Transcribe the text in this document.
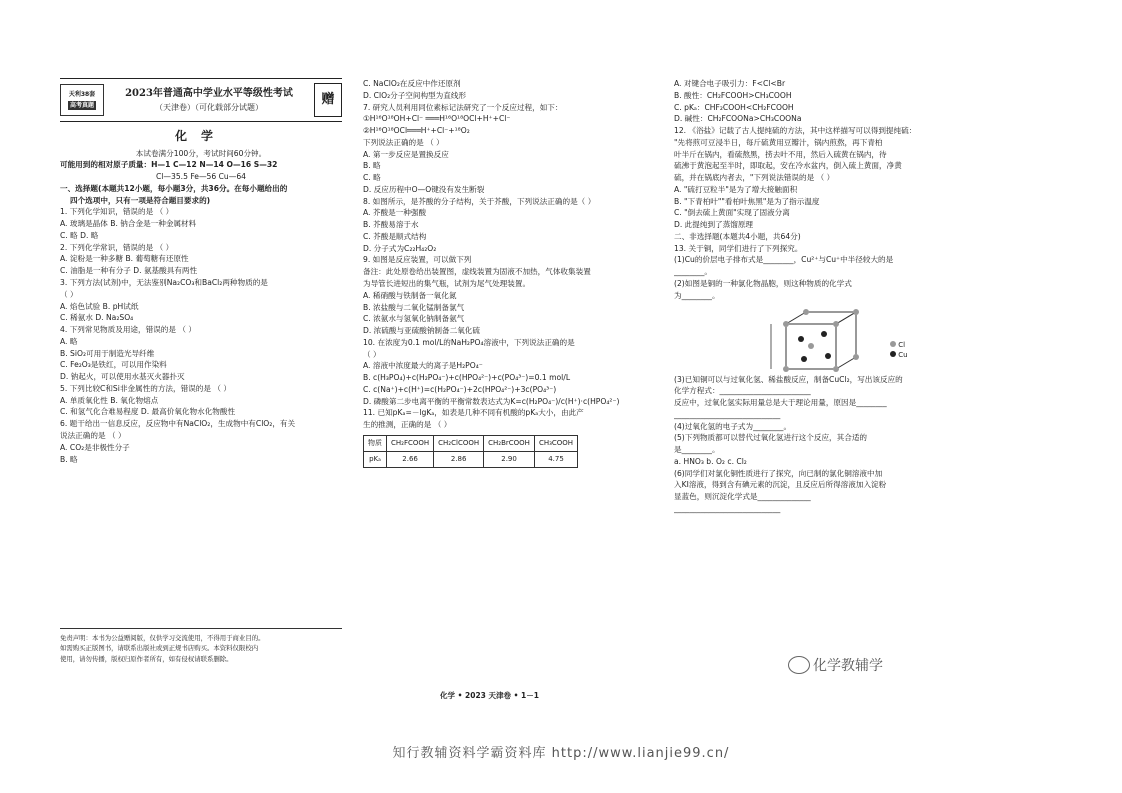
天利38套
高考真题
2023年普通高中学业水平等级性考试
（天津卷）（可化载部分试题）
赠
化学
本试卷满分100分，考试时间60分钟。
可能用到的相对原子质量：H—1 C—12 N—14 O—16 S—32
Cl—35.5 Fe—56 Cu—64
一、选择题(本题共12小题，每小题3分，共36分。在每小题给出的
四个选项中，只有一项是符合题目要求的)
1. 下列化学知识，错误的是 （ ）
A. 玻璃是晶体 B. 钠合金是一种金属材料
C. 略 D. 略
2. 下列化学常识，错误的是 （ ）
A. 淀粉是一种多糖 B. 葡萄糖有还原性
C. 油脂是一种有分子 D. 氨基酸具有两性
3. 下列方法(试剂)中，无法鉴别Na₂CO₃和BaCl₂两种物质的是
（ ）
A. 焰色试验 B. pH试纸
C. 稀氨水 D. Na₂SO₄
4. 下列常见物质及用途，错误的是 （ ）
A. 略
B. SiO₂可用于制造光导纤维
C. Fe₂O₃是铁红，可以用作染料
D. 钠起火，可以使用水基灭火器扑灭
5. 下列比较C和Si非金属性的方法，错误的是 （ ）
A. 单质氧化性 B. 氧化物熔点
C. 和氢气化合难易程度 D. 最高价氧化物水化物酸性
6. 题干给出一信息反应，反应物中有NaClO₂，生成物中有ClO₂，有关
说法正确的是 （ ）
A. CO₂是非极性分子
B. 略
免责声明：本书为公益赠阅版，仅供学习交流使用，不得用于商业目的。
如需购买正版图书，请联系出版社或到正规书店购买。本资料仅限校内
使用，请勿传播，版权归原作者所有，如有侵权请联系删除。
C. NaClO₂在反应中作还原剂
D. ClO₂分子空间构型为直线形
7. 研究人员利用同位素标记法研究了一个反应过程，如下：
①H¹⁶O¹⁸OH+Cl⁻ ═══H¹⁶O¹⁸OCl+H⁺+Cl⁻
②H¹⁶O¹⁸OCl═══H⁺+Cl⁻+¹⁸O₂
下列说法正确的是 （ ）
A. 第一步反应是置换反应
B. 略
C. 略
D. 反应历程中O—O键没有发生断裂
8. 如图所示，是芥酸的分子结构，关于芥酸，下列说法正确的是（ ）
A. 芥酸是一种强酸
B. 芥酸易溶于水
C. 芥酸是顺式结构
D. 分子式为C₂₂H₄₂O₂
9. 如图是反应装置，可以做下列
备注：此处原卷给出装置图，虚线装置为固液不加热，气体收集装置
为导管长进短出的集气瓶，试剂为尾气处理装置。
A. 稀硝酸与铁制备一氧化氮
B. 浓盐酸与二氧化锰制备氯气
C. 浓氨水与氢氧化钠制备氨气
D. 浓硫酸与亚硫酸钠制备二氧化硫
10. 在浓度为0.1 mol/L的NaH₂PO₄溶液中，下列说法正确的是
（ ）
A. 溶液中浓度最大的离子是H₂PO₄⁻
B. c(H₃PO₄)+c(H₂PO₄⁻)+c(HPO₄²⁻)+c(PO₄³⁻)=0.1 mol/L
C. c(Na⁺)+c(H⁺)=c(H₂PO₄⁻)+2c(HPO₄²⁻)+3c(PO₄³⁻)
D. 磷酸第二步电离平衡的平衡常数表达式为K=c(H₂PO₄⁻)/c(H⁺)·c(HPO₄²⁻)
11. 已知pKₐ=－lgKₐ，如表是几种不同有机酸的pKₐ大小，由此产
生的推测，正确的是 （ ）
物质	CH₂FCOOH	CH₂ClCOOH	CH₂BrCOOH	CH₃COOH
pKₐ	2.66	2.86	2.90	4.75
A. 对键合电子吸引力：F<Cl<Br
B. 酸性：CH₂FCOOH>CH₃COOH
C. pKₐ：CHF₂COOH<CH₂FCOOH
D. 碱性：CH₂FCOONa>CH₃COONa
12. 《浴盐》记载了古人提纯硫的方法，其中这样描写可以得到提纯硫：
"先将煎可豆浸半日，每斤硫黄用豆瓣汁，锅内煎熬，再下青柏
叶半斤在锅内，看硫熬黑，捞去叶不用，然后入硫黄在锅内，待
硫沸于黄泡起至半时，即取起，安在冷水盆内，倒入硫上黄面，净黄
硫，并在锅底内者去，"下列说法错误的是 （ ）
A. "硫打豆粒半"是为了增大接触面积
B. "下青柏叶""看柏叶焦黑"是为了指示温度
C. "倒去硫上黄面"实现了固液分离
D. 此提纯到了蒸馏原理
二、非选择题(本题共4小题，共64分)
13. 关于铜，同学们进行了下列探究。
(1)Cu的价层电子排布式是________，Cu²⁺与Cu⁺中半径较大的是
________。
(2)如图是铜的一种氯化物晶胞，则这种物质的化学式
为________。
Cl
Cu
(3)已知铜可以与过氧化氢、稀盐酸反应，制备CuCl₂，写出该反应的
化学方程式：________________________
反应中，过氧化氢实际用量总是大于理论用量，原因是________
____________________________
(4)过氧化氢的电子式为________。
(5)下列物质都可以替代过氧化氢进行这个反应，其合适的
是________。
a. HNO₃ b. O₂ c. Cl₂
(6)同学们对氯化铜性质进行了探究，向已制的氯化铜溶液中加
入KI溶液，得到含有碘元素的沉淀，且反应后所得溶液加入淀粉
显蓝色，则沉淀化学式是______________
____________________________
化学 • 2023 天津卷 • 1－1
化学教辅学
知行教辅资料学霸资料库 http://www.lianjie99.cn/
